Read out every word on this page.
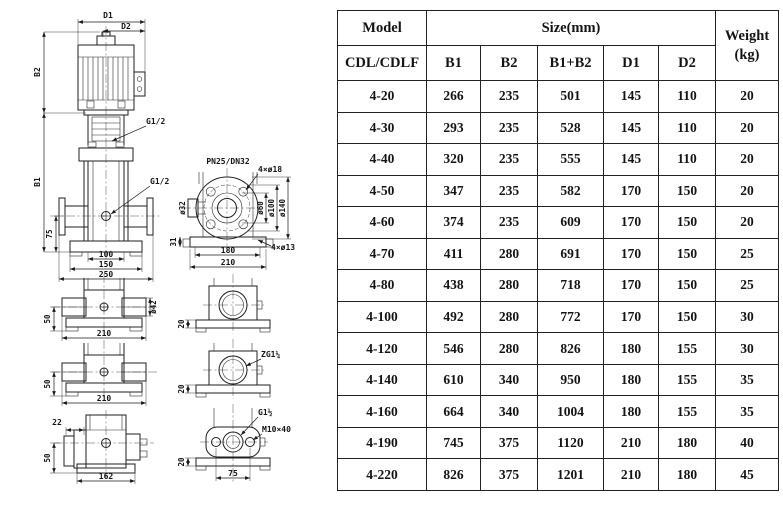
D1
D2
B2
B1
75
G1/2
G1/2
100
150
250
PN25/DN32
ø32
4×ø18
ø60 ø100 ø140
31
180
210
4×ø13
50
ø42
210
50
210
22
50
162
20
ZG1¼
20
G1½
M10×40
20
75
Model	Size(mm)					Weight
(kg)

CDL/CDLF	B1	B2	B1+B2	D1	D2	
4-20	266	235	501	145	110	20
4-30	293	235	528	145	110	20
4-40	320	235	555	145	110	20
4-50	347	235	582	170	150	20
4-60	374	235	609	170	150	20
4-70	411	280	691	170	150	25
4-80	438	280	718	170	150	25
4-100	492	280	772	170	150	30
4-120	546	280	826	180	155	30
4-140	610	340	950	180	155	35
4-160	664	340	1004	180	155	35
4-190	745	375	1120	210	180	40
4-220	826	375	1201	210	180	45
